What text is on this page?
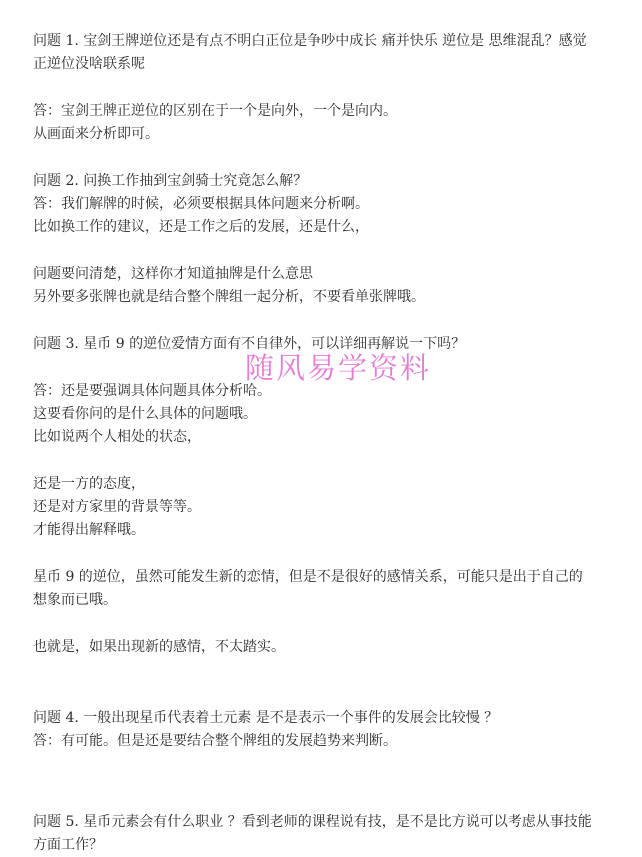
问题 1. 宝剑王牌逆位还是有点不明白正位是争吵中成长 痛并快乐 逆位是 思维混乱？感觉正逆位没啥联系呢
答：宝剑王牌正逆位的区别在于一个是向外，一个是向内。
从画面来分析即可。
问题 2. 问换工作抽到宝剑骑士究竟怎么解？
答：我们解牌的时候，必须要根据具体问题来分析啊。
比如换工作的建议，还是工作之后的发展，还是什么，
问题要问清楚，这样你才知道抽牌是什么意思
另外要多张牌也就是结合整个牌组一起分析，不要看单张牌哦。
问题 3. 星币 9 的逆位爱情方面有不自律外，可以详细再解说一下吗？
答：还是要强调具体问题具体分析哈。
这要看你问的是什么具体的问题哦。
比如说两个人相处的状态，
还是一方的态度，
还是对方家里的背景等等。
才能得出解释哦。
星币 9 的逆位，虽然可能发生新的恋情，但是不是很好的感情关系，可能只是出于自己的想象而已哦。
也就是，如果出现新的感情，不太踏实。
问题 4. 一般出现星币代表着土元素 是不是表示一个事件的发展会比较慢 ？
答：有可能。但是还是要结合整个牌组的发展趋势来判断。
问题 5. 星币元素会有什么职业 ？看到老师的课程说有技，是不是比方说可以考虑从事技能方面工作？
随风易学资料
